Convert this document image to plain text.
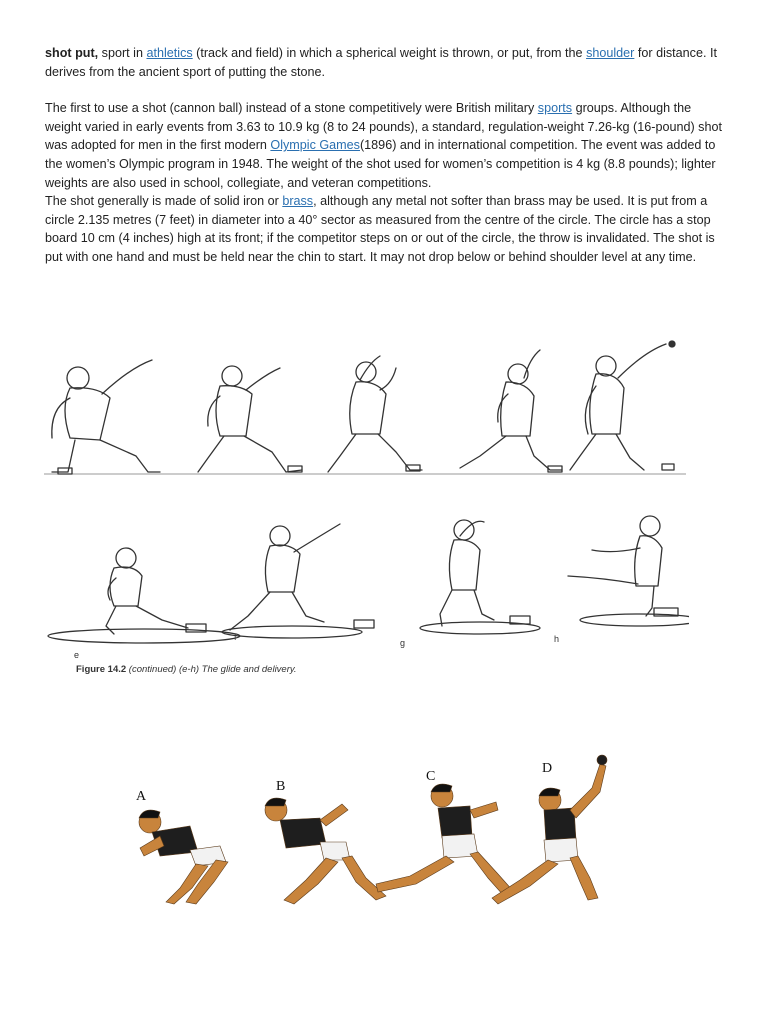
shot put, sport in athletics (track and field) in which a spherical weight is thrown, or put, from the shoulder for distance. It derives from the ancient sport of putting the stone.

The first to use a shot (cannon ball) instead of a stone competitively were British military sports groups. Although the weight varied in early events from 3.63 to 10.9 kg (8 to 24 pounds), a standard, regulation-weight 7.26-kg (16-pound) shot was adopted for men in the first modern Olympic Games(1896) and in international competition. The event was added to the women’s Olympic program in 1948. The weight of the shot used for women’s competition is 4 kg (8.8 pounds); lighter weights are also used in school, collegiate, and veteran competitions.

The shot generally is made of solid iron or brass, although any metal not softer than brass may be used. It is put from a circle 2.135 metres (7 feet) in diameter into a 40° sector as measured from the centre of the circle. The circle has a stop board 10 cm (4 inches) high at its front; if the competitor steps on or out of the circle, the throw is invalidated. The shot is put with one hand and must be held near the chin to start. It may not drop below or behind shoulder level at any time.

e
f
g	h
Figure 14.2 (continued) (e-h) The glide and delivery.
A
B
C
D
